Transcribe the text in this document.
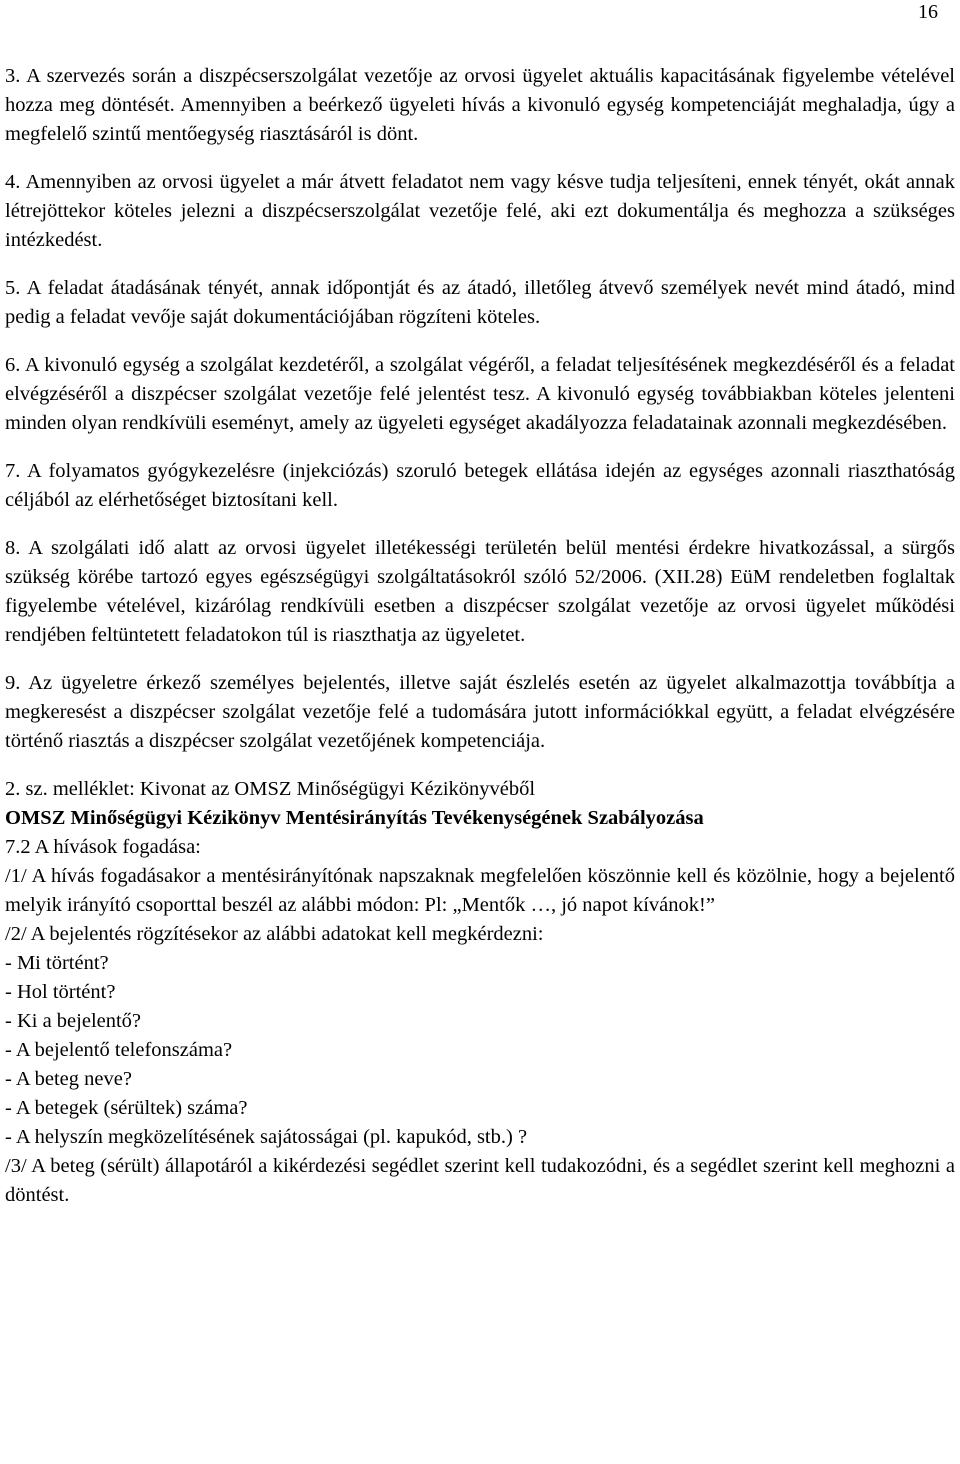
16

3. A szervezés során a diszpécserszolgálat vezetője az orvosi ügyelet aktuális kapacitásának figyelembe vételével hozza meg döntését. Amennyiben a beérkező ügyeleti hívás a kivonuló egység kompetenciáját meghaladja, úgy a megfelelő szintű mentőegység riasztásáról is dönt.

4. Amennyiben az orvosi ügyelet a már átvett feladatot nem vagy késve tudja teljesíteni, ennek tényét, okát annak létrejöttekor köteles jelezni a diszpécserszolgálat vezetője felé, aki ezt dokumentálja és meghozza a szükséges intézkedést.

5. A feladat átadásának tényét, annak időpontját és az átadó, illetőleg átvevő személyek nevét mind átadó, mind pedig a feladat vevője saját dokumentációjában rögzíteni köteles.

6. A kivonuló egység a szolgálat kezdetéről, a szolgálat végéről, a feladat teljesítésének megkezdéséről és a feladat elvégzéséről a diszpécser szolgálat vezetője felé jelentést tesz. A kivonuló egység továbbiakban köteles jelenteni minden olyan rendkívüli eseményt, amely az ügyeleti egységet akadályozza feladatainak azonnali megkezdésében.

7. A folyamatos gyógykezelésre (injekciózás) szoruló betegek ellátása idején az egységes azonnali riaszthatóság céljából az elérhetőséget biztosítani kell.

8. A szolgálati idő alatt az orvosi ügyelet illetékességi területén belül mentési érdekre hivatkozással, a sürgős szükség körébe tartozó egyes egészségügyi szolgáltatásokról szóló 52/2006. (XII.28) EüM rendeletben foglaltak figyelembe vételével, kizárólag rendkívüli esetben a diszpécser szolgálat vezetője az orvosi ügyelet működési rendjében feltüntetett feladatokon túl is riaszthatja az ügyeletet.

9. Az ügyeletre érkező személyes bejelentés, illetve saját észlelés esetén az ügyelet alkalmazottja továbbítja a megkeresést a diszpécser szolgálat vezetője felé a tudomására jutott információkkal együtt, a feladat elvégzésére történő riasztás a diszpécser szolgálat vezetőjének kompetenciája.

2. sz. melléklet: Kivonat az OMSZ Minőségügyi Kézikönyvéből

OMSZ Minőségügyi Kézikönyv Mentésirányítás Tevékenységének Szabályozása

7.2 A hívások fogadása:

/1/ A hívás fogadásakor a mentésirányítónak napszaknak megfelelően köszönnie kell és közölnie, hogy a bejelentő melyik irányító csoporttal beszél az alábbi módon: Pl: „Mentők …, jó napot kívánok!”

/2/ A bejelentés rögzítésekor az alábbi adatokat kell megkérdezni:

- Mi történt?
- Hol történt?
- Ki a bejelentő?
- A bejelentő telefonszáma?
- A beteg neve?
- A betegek (sérültek) száma?
- A helyszín megközelítésének sajátosságai (pl. kapukód, stb.) ?

/3/ A beteg (sérült) állapotáról a kikérdezési segédlet szerint kell tudakozódni, és a segédlet szerint kell meghozni a döntést.
